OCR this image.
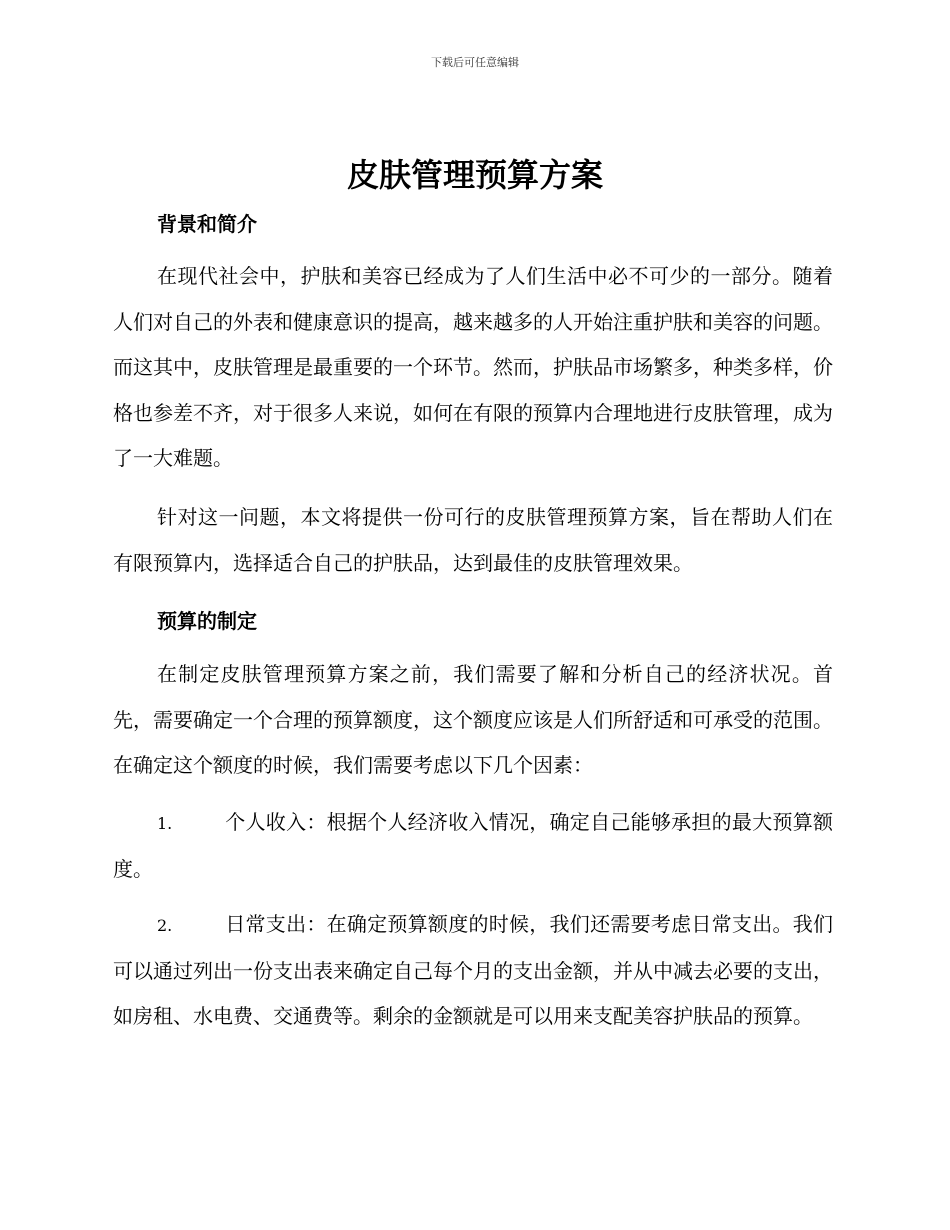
下载后可任意编辑
皮肤管理预算方案
背景和简介

在现代社会中，护肤和美容已经成为了人们生活中必不可少的一部分。随着人们对自己的外表和健康意识的提高，越来越多的人开始注重护肤和美容的问题。而这其中，皮肤管理是最重要的一个环节。然而，护肤品市场繁多，种类多样，价格也参差不齐，对于很多人来说，如何在有限的预算内合理地进行皮肤管理，成为了一大难题。

针对这一问题，本文将提供一份可行的皮肤管理预算方案，旨在帮助人们在有限预算内，选择适合自己的护肤品，达到最佳的皮肤管理效果。

预算的制定

在制定皮肤管理预算方案之前，我们需要了解和分析自己的经济状况。首先，需要确定一个合理的预算额度，这个额度应该是人们所舒适和可承受的范围。在确定这个额度的时候，我们需要考虑以下几个因素：

1.	个人收入：根据个人经济收入情况，确定自己能够承担的最大预算额度。

2.	日常支出：在确定预算额度的时候，我们还需要考虑日常支出。我们可以通过列出一份支出表来确定自己每个月的支出金额，并从中减去必要的支出，如房租、水电费、交通费等。剩余的金额就是可以用来支配美容护肤品的预算。
